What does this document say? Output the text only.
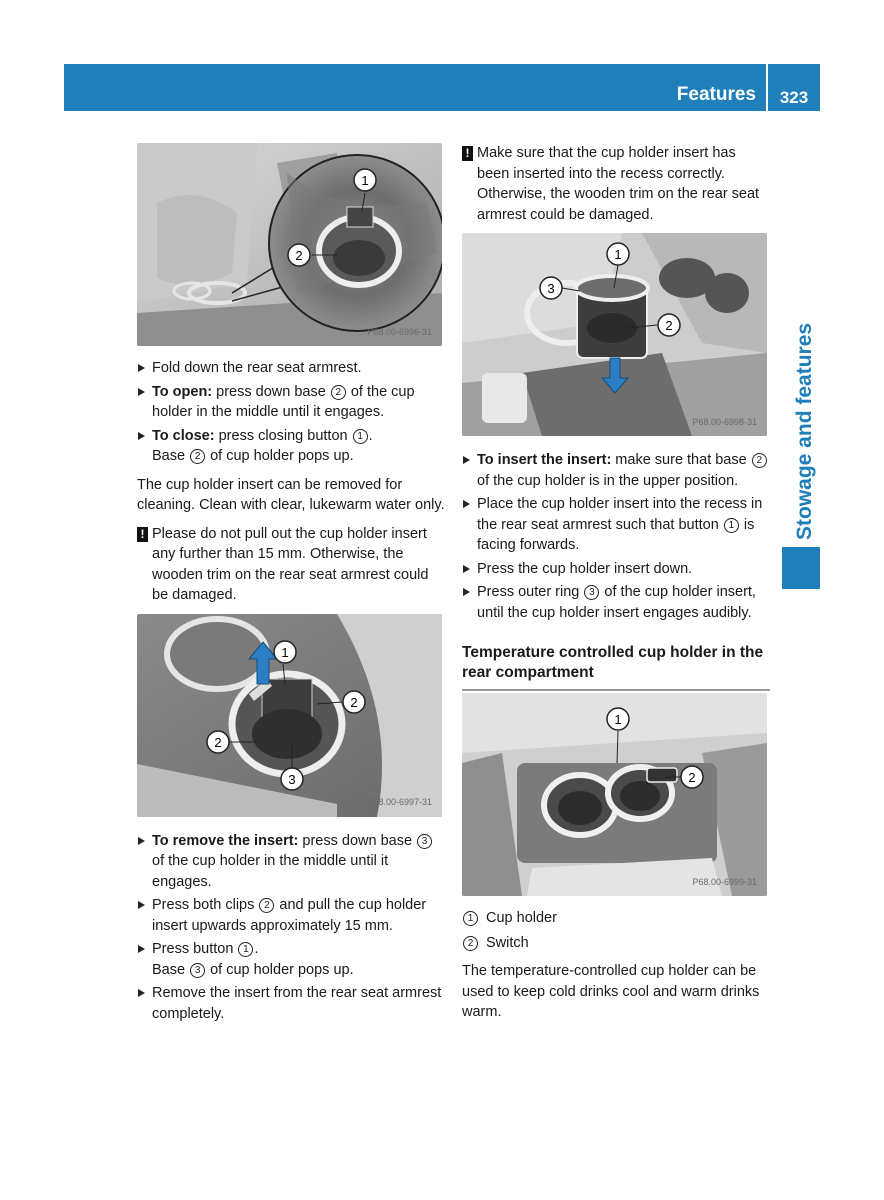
Features	323
Stowage and features
1
2
P68.00-6996-31
Fold down the rear seat armrest.
To open: press down base 2 of the cup holder in the middle until it engages.
To close: press closing button 1 .
Base 2 of cup holder pops up.

The cup holder insert can be removed for cleaning. Clean with clear, lukewarm water only.

! Please do not pull out the cup holder insert any further than 15 mm. Otherwise, the wooden trim on the rear seat armrest could be damaged.
1
2
2
3
P68.00-6997-31
To remove the insert: press down base 3 of the cup holder in the middle until it engages.
Press both clips 2 and pull the cup holder insert upwards approximately 15 mm.
Press button 1 .
Base 3 of cup holder pops up.
Remove the insert from the rear seat armrest completely.
! Make sure that the cup holder insert has been inserted into the recess correctly. Otherwise, the wooden trim on the rear seat armrest could be damaged.
1
3
2
P68.00-6998-31
To insert the insert: make sure that base 2 of the cup holder is in the upper position.
Place the cup holder insert into the recess in the rear seat armrest such that button 1 is facing forwards.
Press the cup holder insert down.
Press outer ring 3 of the cup holder insert, until the cup holder insert engages audibly.
Temperature controlled cup holder in the rear compartment
1
2
P68.00-6999-31
1 Cup holder
2 Switch

The temperature-controlled cup holder can be used to keep cold drinks cool and warm drinks warm.
